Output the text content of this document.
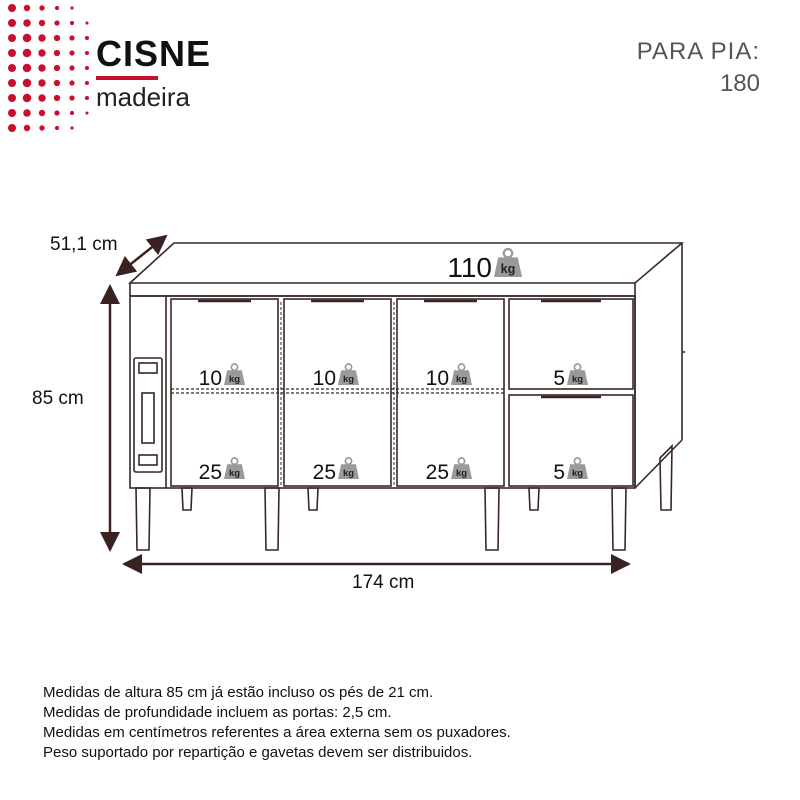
CISNE
madeira
PARA PIA:
180
51,1 cm
85 cm
174 cm
110 kg
10 kg	10 kg	10 kg
25 kg	25 kg	25 kg
5 kg
5 kg
Medidas de altura 85 cm já estão incluso os pés de 21 cm.
Medidas de profundidade incluem as portas: 2,5 cm.
Medidas em centímetros referentes a área externa sem os puxadores.
Peso suportado por repartição e gavetas devem ser distribuidos.
